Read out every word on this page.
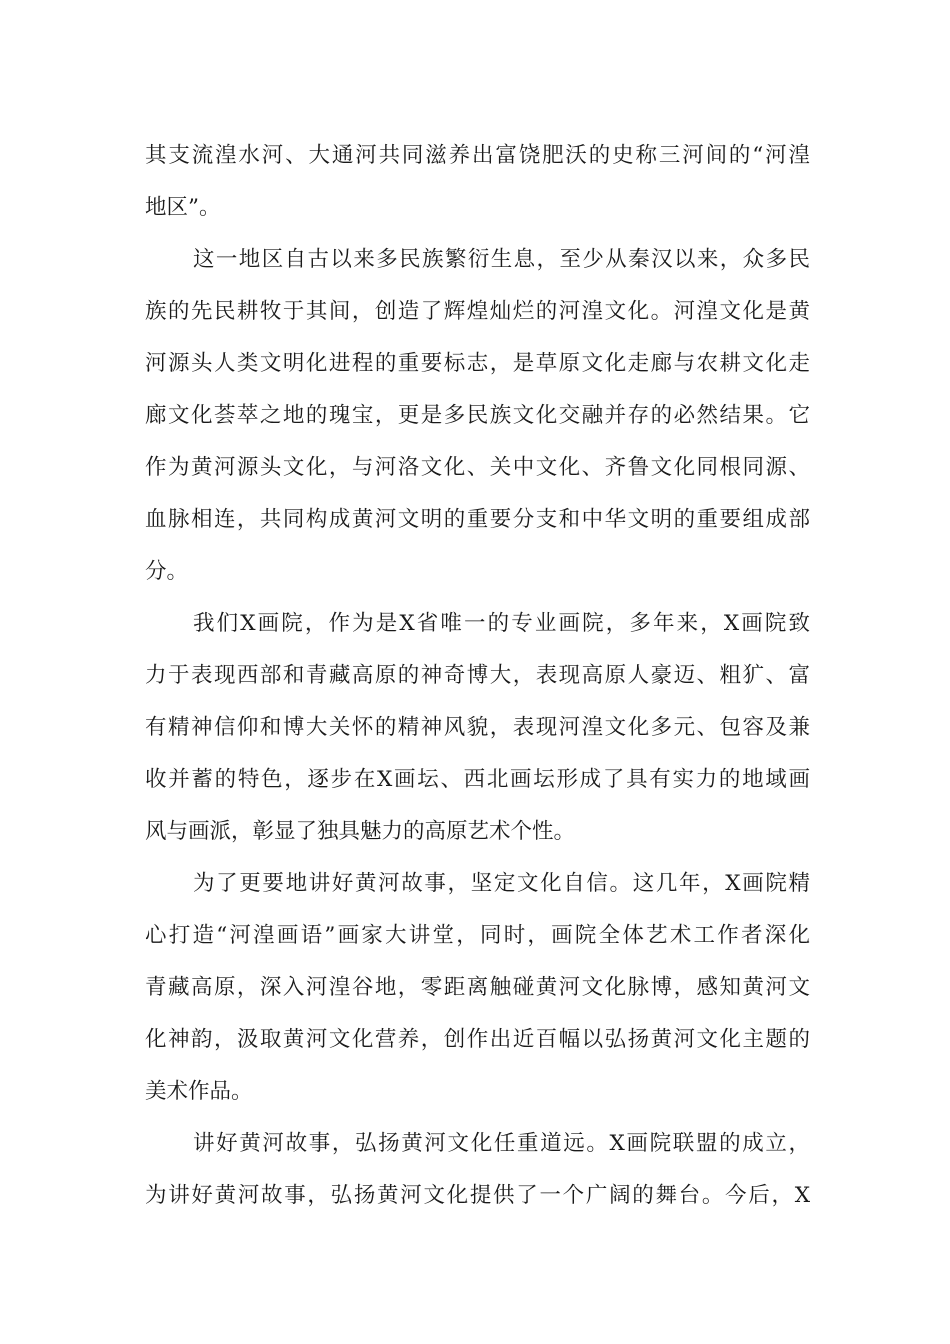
其支流湟水河、大通河共同滋养出富饶肥沃的史称三河间的“河湟
地区”。
这一地区自古以来多民族繁衍生息，至少从秦汉以来，众多民
族的先民耕牧于其间，创造了辉煌灿烂的河湟文化。河湟文化是黄
河源头人类文明化进程的重要标志，是草原文化走廊与农耕文化走
廊文化荟萃之地的瑰宝，更是多民族文化交融并存的必然结果。它
作为黄河源头文化，与河洛文化、关中文化、齐鲁文化同根同源、
血脉相连，共同构成黄河文明的重要分支和中华文明的重要组成部
分。
我们X画院，作为是X省唯一的专业画院，多年来，X画院致
力于表现西部和青藏高原的神奇博大，表现高原人豪迈、粗犷、富
有精神信仰和博大关怀的精神风貌，表现河湟文化多元、包容及兼
收并蓄的特色，逐步在X画坛、西北画坛形成了具有实力的地域画
风与画派，彰显了独具魅力的高原艺术个性。
为了更要地讲好黄河故事，坚定文化自信。这几年，X画院精
心打造“河湟画语”画家大讲堂，同时，画院全体艺术工作者深化
青藏高原，深入河湟谷地，零距离触碰黄河文化脉博，感知黄河文
化神韵，汲取黄河文化营养，创作出近百幅以弘扬黄河文化主题的
美术作品。
讲好黄河故事，弘扬黄河文化任重道远。X画院联盟的成立，
为讲好黄河故事，弘扬黄河文化提供了一个广阔的舞台。今后，X
